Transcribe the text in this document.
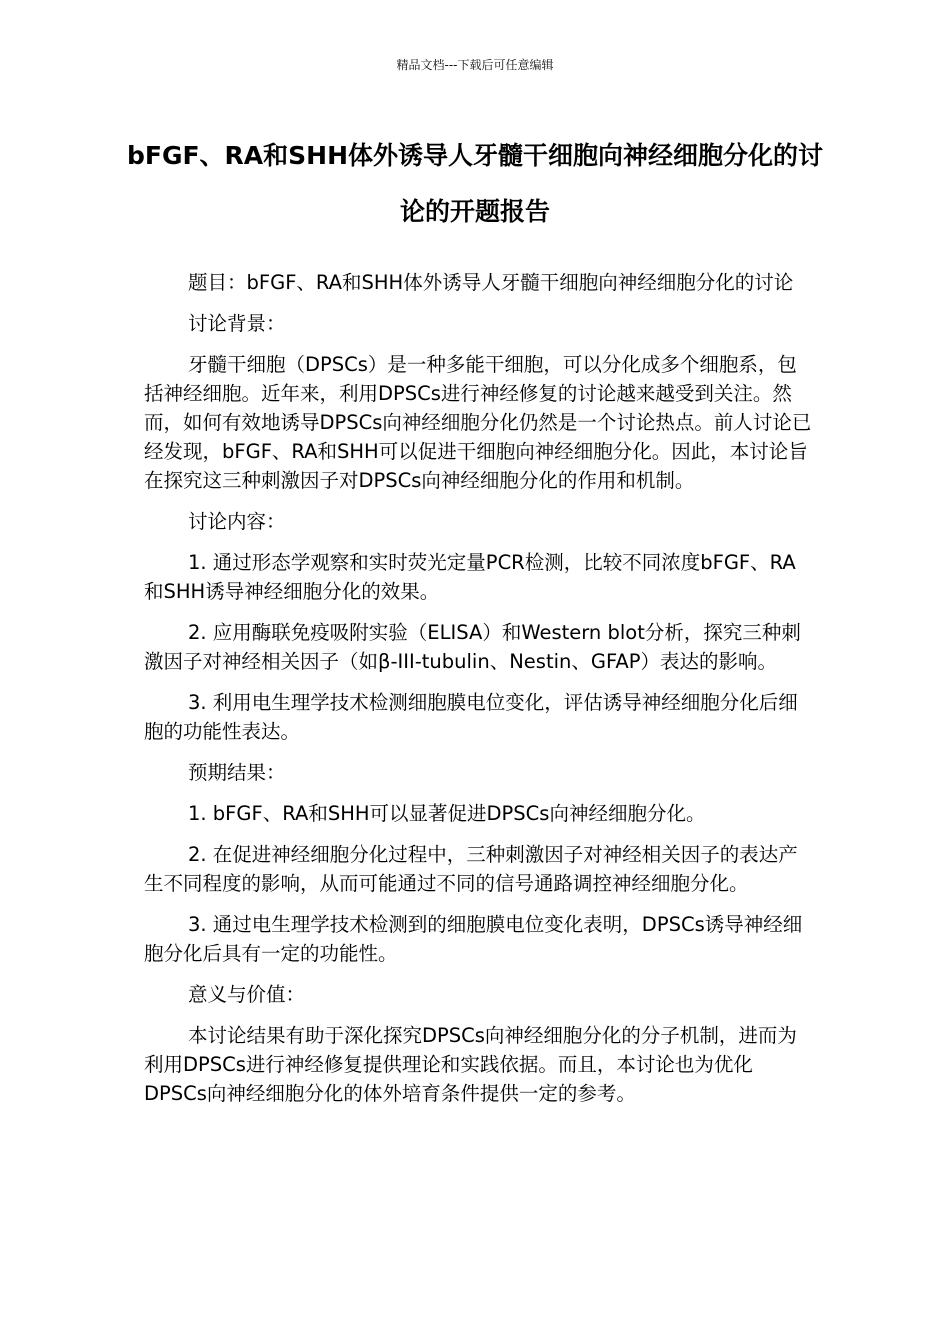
精品文档---下载后可任意编辑
bFGF、RA和SHH体外诱导人牙髓干细胞向神经细胞分化的讨论的开题报告

题目：bFGF、RA和SHH体外诱导人牙髓干细胞向神经细胞分化的讨论

讨论背景：

牙髓干细胞（DPSCs）是一种多能干细胞，可以分化成多个细胞系，包括神经细胞。近年来，利用DPSCs进行神经修复的讨论越来越受到关注。然而，如何有效地诱导DPSCs向神经细胞分化仍然是一个讨论热点。前人讨论已经发现，bFGF、RA和SHH可以促进干细胞向神经细胞分化。因此，本讨论旨在探究这三种刺激因子对DPSCs向神经细胞分化的作用和机制。

讨论内容：

1. 通过形态学观察和实时荧光定量PCR检测，比较不同浓度bFGF、RA和SHH诱导神经细胞分化的效果。

2. 应用酶联免疫吸附实验（ELISA）和Western blot分析，探究三种刺激因子对神经相关因子（如β-III-tubulin、Nestin、GFAP）表达的影响。

3. 利用电生理学技术检测细胞膜电位变化，评估诱导神经细胞分化后细胞的功能性表达。

预期结果：

1. bFGF、RA和SHH可以显著促进DPSCs向神经细胞分化。

2. 在促进神经细胞分化过程中，三种刺激因子对神经相关因子的表达产生不同程度的影响，从而可能通过不同的信号通路调控神经细胞分化。

3. 通过电生理学技术检测到的细胞膜电位变化表明，DPSCs诱导神经细胞分化后具有一定的功能性。

意义与价值：

本讨论结果有助于深化探究DPSCs向神经细胞分化的分子机制，进而为利用DPSCs进行神经修复提供理论和实践依据。而且，本讨论也为优化DPSCs向神经细胞分化的体外培育条件提供一定的参考。
